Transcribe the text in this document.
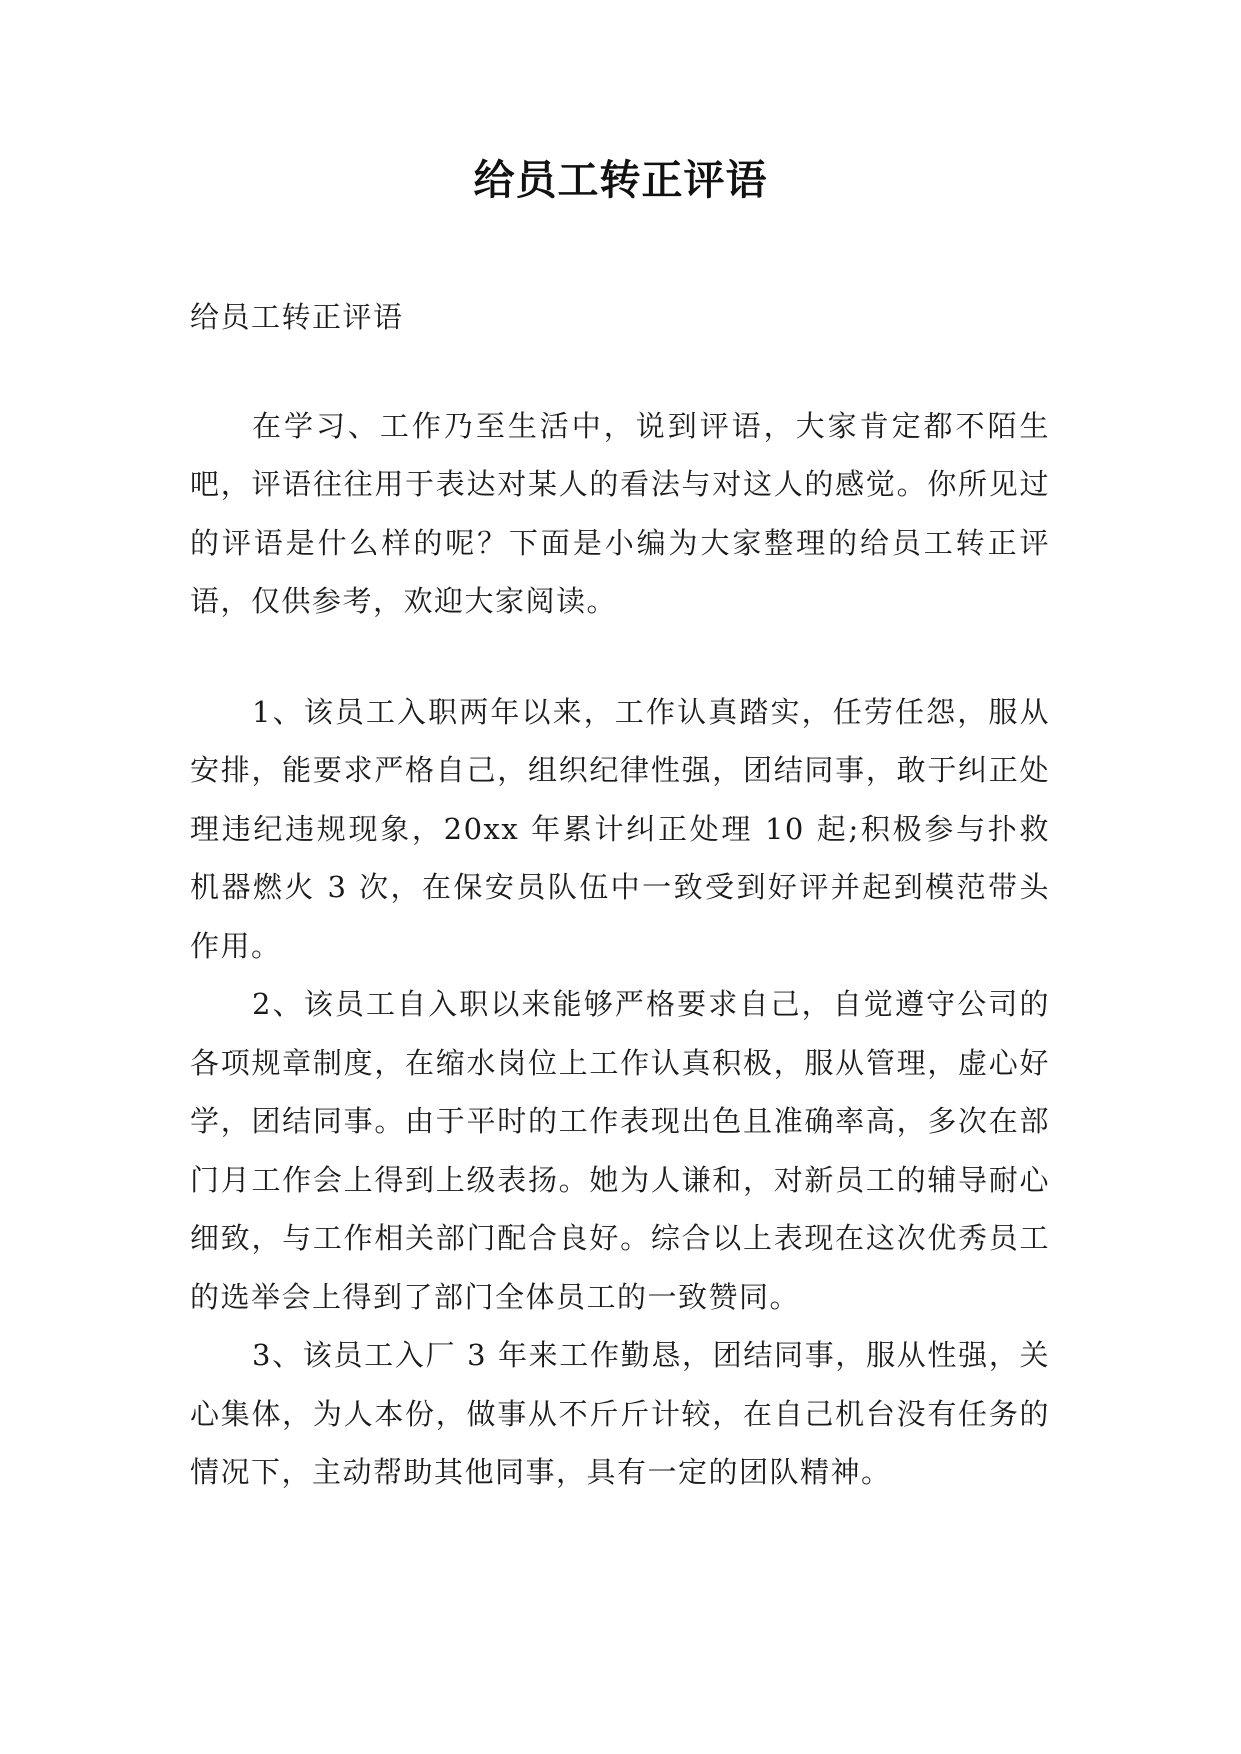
给员工转正评语

给员工转正评语

在学习、工作乃至生活中，说到评语，大家肯定都不陌生吧，评语往往用于表达对某人的看法与对这人的感觉。你所见过的评语是什么样的呢？下面是小编为大家整理的给员工转正评语，仅供参考，欢迎大家阅读。

1、该员工入职两年以来，工作认真踏实，任劳任怨，服从安排，能要求严格自己，组织纪律性强，团结同事，敢于纠正处理违纪违规现象，20xx 年累计纠正处理 10 起;积极参与扑救机器燃火 3 次，在保安员队伍中一致受到好评并起到模范带头作用。

2、该员工自入职以来能够严格要求自己，自觉遵守公司的各项规章制度，在缩水岗位上工作认真积极，服从管理，虚心好学，团结同事。由于平时的工作表现出色且准确率高，多次在部门月工作会上得到上级表扬。她为人谦和，对新员工的辅导耐心细致，与工作相关部门配合良好。综合以上表现在这次优秀员工的选举会上得到了部门全体员工的一致赞同。

3、该员工入厂 3 年来工作勤恳，团结同事，服从性强，关心集体，为人本份，做事从不斤斤计较，在自己机台没有任务的情况下，主动帮助其他同事，具有一定的团队精神。
